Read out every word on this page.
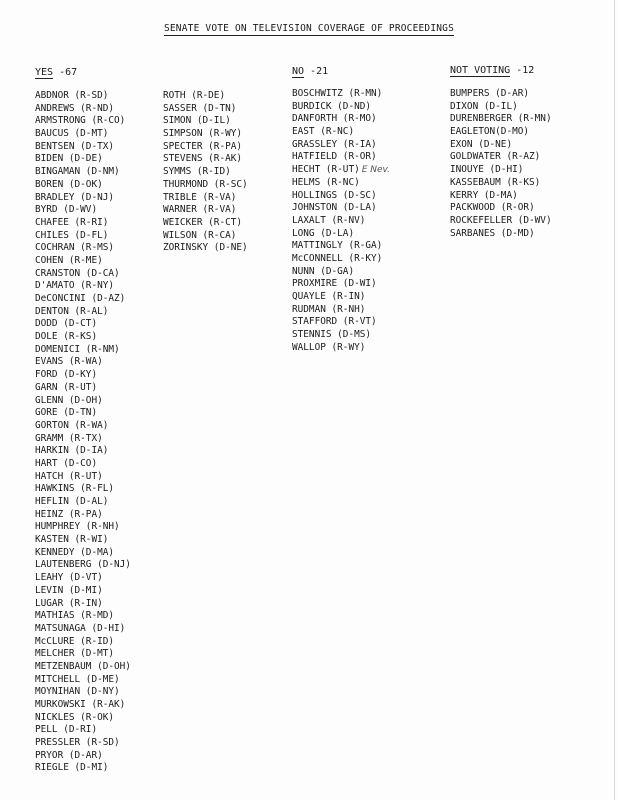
SENATE VOTE ON TELEVISION COVERAGE OF PROCEEDINGS
YES -67	NO -21	NOT VOTING -12
ABDNOR (R-SD)
ANDREWS (R-ND)
ARMSTRONG (R-CO)
BAUCUS (D-MT)
BENTSEN (D-TX)
BIDEN (D-DE)
BINGAMAN (D-NM)
BOREN (D-OK)
BRADLEY (D-NJ)
BYRD (D-WV)
CHAFEE (R-RI)
CHILES (D-FL)
COCHRAN (R-MS)
COHEN (R-ME)
CRANSTON (D-CA)
D'AMATO (R-NY)
DeCONCINI (D-AZ)
DENTON (R-AL)
DODD (D-CT)
DOLE (R-KS)
DOMENICI (R-NM)
EVANS (R-WA)
FORD (D-KY)
GARN (R-UT)
GLENN (D-OH)
GORE (D-TN)
GORTON (R-WA)
GRAMM (R-TX)
HARKIN (D-IA)
HART (D-CO)
HATCH (R-UT)
HAWKINS (R-FL)
HEFLIN (D-AL)
HEINZ (R-PA)
HUMPHREY (R-NH)
KASTEN (R-WI)
KENNEDY (D-MA)
LAUTENBERG (D-NJ)
LEAHY (D-VT)
LEVIN (D-MI)
LUGAR (R-IN)
MATHIAS (R-MD)
MATSUNAGA (D-HI)
McCLURE (R-ID)
MELCHER (D-MT)
METZENBAUM (D-OH)
MITCHELL (D-ME)
MOYNIHAN (D-NY)
MURKOWSKI (R-AK)
NICKLES (R-OK)
PELL (D-RI)
PRESSLER (R-SD)
PRYOR (D-AR)
RIEGLE (D-MI)
ROTH (R-DE)
SASSER (D-TN)
SIMON (D-IL)
SIMPSON (R-WY)
SPECTER (R-PA)
STEVENS (R-AK)
SYMMS (R-ID)
THURMOND (R-SC)
TRIBLE (R-VA)
WARNER (R-VA)
WEICKER (R-CT)
WILSON (R-CA)
ZORINSKY (D-NE)
BOSCHWITZ (R-MN)
BURDICK (D-ND)
DANFORTH (R-MO)
EAST (R-NC)
GRASSLEY (R-IA)
HATFIELD (R-OR)
HECHT (R-UT) E Nev.
HELMS (R-NC)
HOLLINGS (D-SC)
JOHNSTON (D-LA)
LAXALT (R-NV)
LONG (D-LA)
MATTINGLY (R-GA)
McCONNELL (R-KY)
NUNN (D-GA)
PROXMIRE (D-WI)
QUAYLE (R-IN)
RUDMAN (R-NH)
STAFFORD (R-VT)
STENNIS (D-MS)
WALLOP (R-WY)
BUMPERS (D-AR)
DIXON (D-IL)
DURENBERGER (R-MN)
EAGLETON(D-MO)
EXON (D-NE)
GOLDWATER (R-AZ)
INOUYE (D-HI)
KASSEBAUM (R-KS)
KERRY (D-MA)
PACKWOOD (R-OR)
ROCKEFELLER (D-WV)
SARBANES (D-MD)
